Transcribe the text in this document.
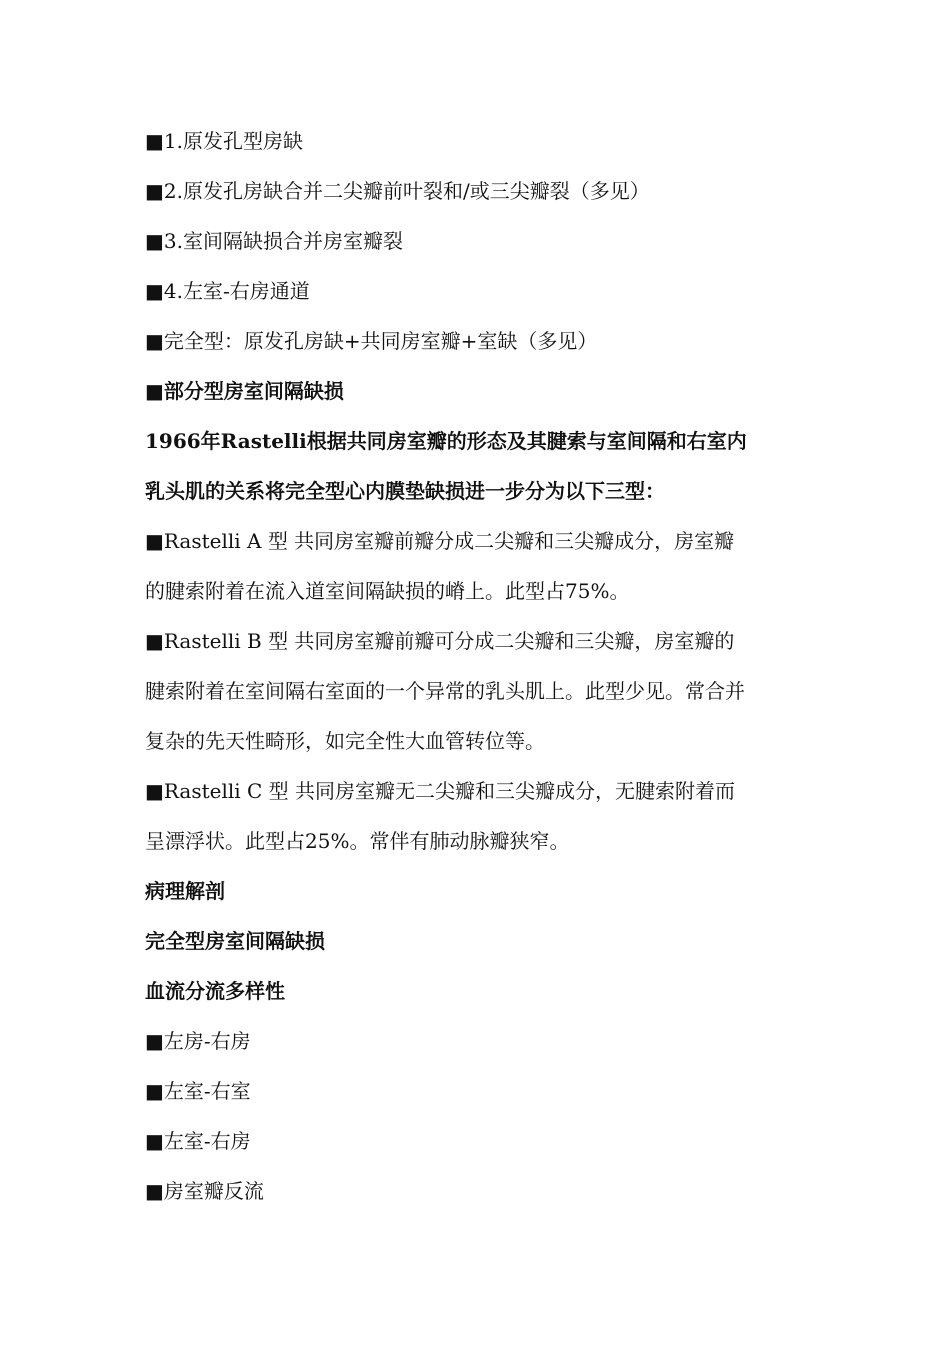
■1.原发孔型房缺
■2.原发孔房缺合并二尖瓣前叶裂和/或三尖瓣裂（多见）
■3.室间隔缺损合并房室瓣裂
■4.左室-右房通道
■完全型：原发孔房缺+共同房室瓣+室缺（多见）
■部分型房室间隔缺损
1966年Rastelli根据共同房室瓣的形态及其腱索与室间隔和右室内
乳头肌的关系将完全型心内膜垫缺损进一步分为以下三型：
■Rastelli A 型 共同房室瓣前瓣分成二尖瓣和三尖瓣成分，房室瓣
的腱索附着在流入道室间隔缺损的嵴上。此型占75%。
■Rastelli B 型 共同房室瓣前瓣可分成二尖瓣和三尖瓣，房室瓣的
腱索附着在室间隔右室面的一个异常的乳头肌上。此型少见。常合并
复杂的先天性畸形，如完全性大血管转位等。
■Rastelli C 型 共同房室瓣无二尖瓣和三尖瓣成分，无腱索附着而
呈漂浮状。此型占25%。常伴有肺动脉瓣狭窄。
病理解剖
完全型房室间隔缺损
血流分流多样性
■左房-右房
■左室-右室
■左室-右房
■房室瓣反流
